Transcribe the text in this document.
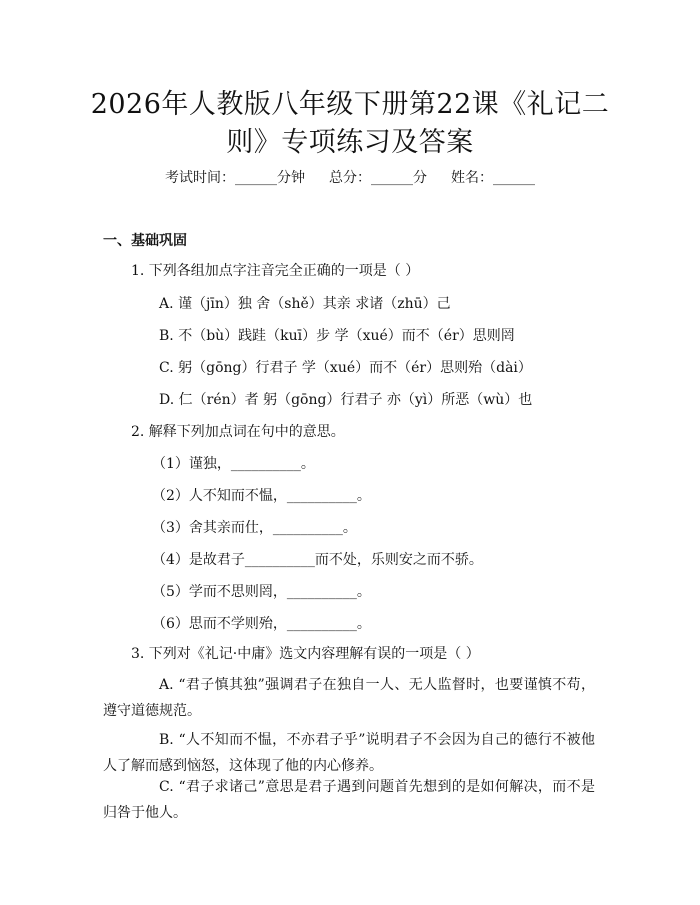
2026年人教版八年级下册第22课《礼记二则》专项练习及答案
考试时间：______分钟 总分：______分 姓名：______
一、基础巩固
1. 下列各组加点字注音完全正确的一项是（ ）
A. 谨（jīn）独 舍（shě）其亲 求诸（zhū）己
B. 不（bù）践跬（kuī）步 学（xué）而不（ér）思则罔
C. 躬（gōng）行君子 学（xué）而不（ér）思则殆（dài）
D. 仁（rén）者 躬（gōng）行君子 亦（yì）所恶（wù）也
2. 解释下列加点词在句中的意思。
（1）谨独，__________。
（2）人不知而不愠，__________。
（3）舍其亲而仕，__________。
（4）是故君子__________而不处，乐则安之而不骄。
（5）学而不思则罔，__________。
（6）思而不学则殆，__________。
3. 下列对《礼记·中庸》选文内容理解有误的一项是（ ）
A. “君子慎其独”强调君子在独自一人、无人监督时，也要谨慎不苟，遵守道德规范。
B. “人不知而不愠，不亦君子乎”说明君子不会因为自己的德行不被他人了解而感到恼怒，这体现了他的内心修养。
C. “君子求诸己”意思是君子遇到问题首先想到的是如何解决，而不是归咎于他人。
